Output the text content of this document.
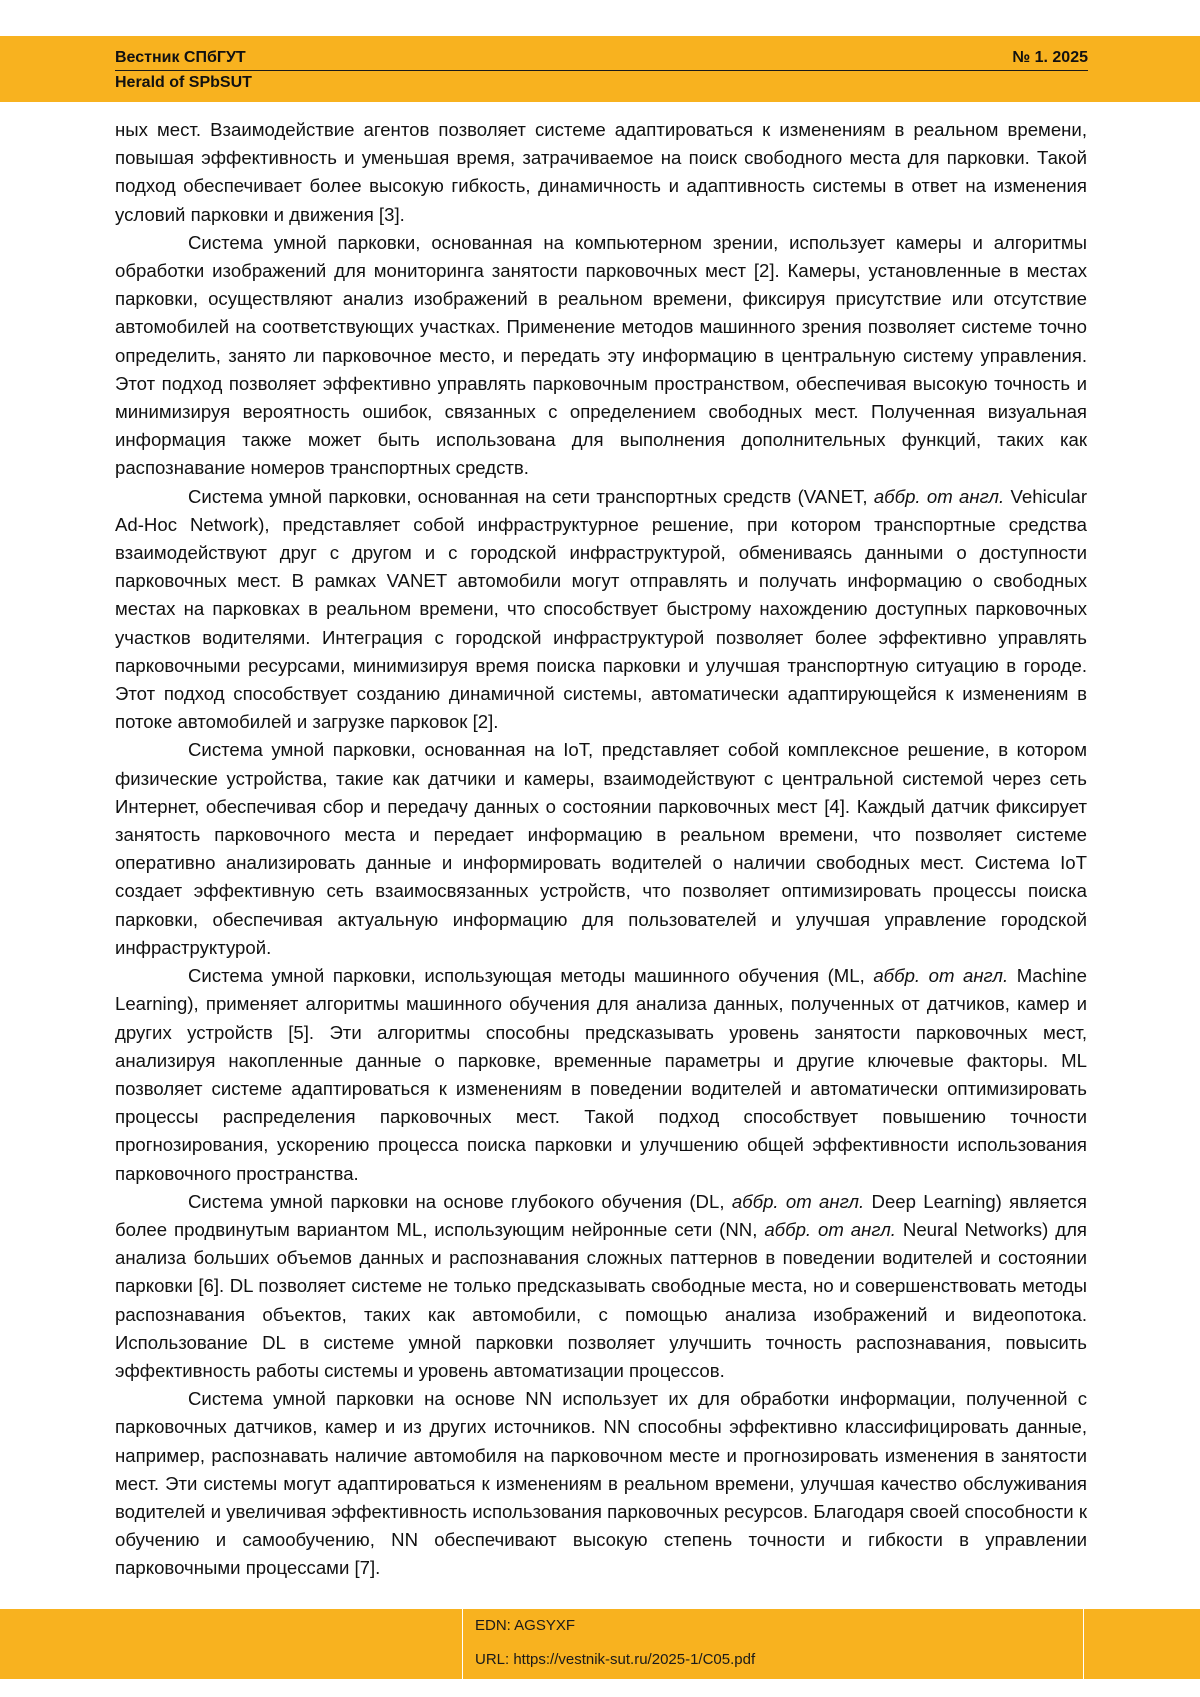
Вестник СПбГУТ	№ 1. 2025
Herald of SPbSUT

ных мест. Взаимодействие агентов позволяет системе адаптироваться к изменениям в реальном времени, повышая эффективность и уменьшая время, затрачиваемое на поиск свободного места для парковки. Такой подход обеспечивает более высокую гибкость, динамичность и адаптивность системы в ответ на изменения условий парковки и движения [3].

Система умной парковки, основанная на компьютерном зрении, использует камеры и алгоритмы обработки изображений для мониторинга занятости парковочных мест [2]. Камеры, установленные в местах парковки, осуществляют анализ изображений в реальном времени, фиксируя присутствие или отсутствие автомобилей на соответствующих участках. Применение методов машинного зрения позволяет системе точно определить, занято ли парковочное место, и передать эту информацию в центральную систему управления. Этот подход позволяет эффективно управлять парковочным пространством, обеспечивая высокую точность и минимизируя вероятность ошибок, связанных с определением свободных мест. Полученная визуальная информация также может быть использована для выполнения дополнительных функций, таких как распознавание номеров транспортных средств.

Система умной парковки, основанная на сети транспортных средств (VANET, аббр. от англ. Vehicular Ad-Hoc Network), представляет собой инфраструктурное решение, при котором транспортные средства взаимодействуют друг с другом и с городской инфраструктурой, обмениваясь данными о доступности парковочных мест. В рамках VANET автомобили могут отправлять и получать информацию о свободных местах на парковках в реальном времени, что способствует быстрому нахождению доступных парковочных участков водителями. Интеграция с городской инфраструктурой позволяет более эффективно управлять парковочными ресурсами, минимизируя время поиска парковки и улучшая транспортную ситуацию в городе. Этот подход способствует созданию динамичной системы, автоматически адаптирующейся к изменениям в потоке автомобилей и загрузке парковок [2].

Система умной парковки, основанная на IoT, представляет собой комплексное решение, в котором физические устройства, такие как датчики и камеры, взаимодействуют с центральной системой через сеть Интернет, обеспечивая сбор и передачу данных о состоянии парковочных мест [4]. Каждый датчик фиксирует занятость парковочного места и передает информацию в реальном времени, что позволяет системе оперативно анализировать данные и информировать водителей о наличии свободных мест. Система IoT создает эффективную сеть взаимосвязанных устройств, что позволяет оптимизировать процессы поиска парковки, обеспечивая актуальную информацию для пользователей и улучшая управление городской инфраструктурой.

Система умной парковки, использующая методы машинного обучения (ML, аббр. от англ. Machine Learning), применяет алгоритмы машинного обучения для анализа данных, полученных от датчиков, камер и других устройств [5]. Эти алгоритмы способны предсказывать уровень занятости парковочных мест, анализируя накопленные данные о парковке, временные параметры и другие ключевые факторы. ML позволяет системе адаптироваться к изменениям в поведении водителей и автоматически оптимизировать процессы распределения парковочных мест. Такой подход способствует повышению точности прогнозирования, ускорению процесса поиска парковки и улучшению общей эффективности использования парковочного пространства.

Система умной парковки на основе глубокого обучения (DL, аббр. от англ. Deep Learning) является более продвинутым вариантом ML, использующим нейронные сети (NN, аббр. от англ. Neural Networks) для анализа больших объемов данных и распознавания сложных паттернов в поведении водителей и состоянии парковки [6]. DL позволяет системе не только предсказывать свободные места, но и совершенствовать методы распознавания объектов, таких как автомобили, с помощью анализа изображений и видеопотока. Использование DL в системе умной парковки позволяет улучшить точность распознавания, повысить эффективность работы системы и уровень автоматизации процессов.

Система умной парковки на основе NN использует их для обработки информации, полученной с парковочных датчиков, камер и из других источников. NN способны эффективно классифицировать данные, например, распознавать наличие автомобиля на парковочном месте и прогнозировать изменения в занятости мест. Эти системы могут адаптироваться к изменениям в реальном времени, улучшая качество обслуживания водителей и увеличивая эффективность использования парковочных ресурсов. Благодаря своей способности к обучению и самообучению, NN обеспечивают высокую степень точности и гибкости в управлении парковочными процессами [7].

EDN: AGSYXF
URL: https://vestnik-sut.ru/2025-1/C05.pdf
